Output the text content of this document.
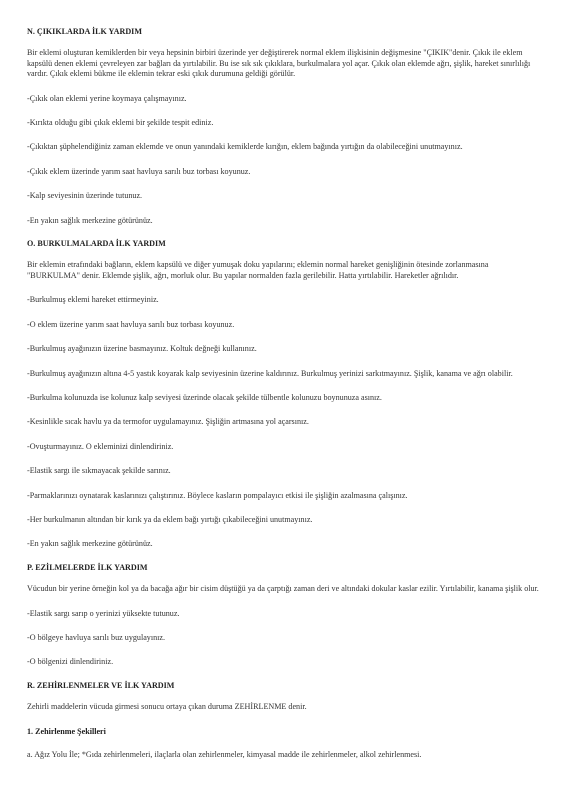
N. ÇIKIKLARDA İLK YARDIM

Bir eklemi oluşturan kemiklerden bir veya hepsinin birbiri üzerinde yer değiştirerek normal eklem ilişkisinin değişmesine "ÇIKIK"denir. Çıkık ile eklem kapsülü denen eklemi çevreleyen zar bağları da yırtılabilir. Bu ise sık sık çıkıklara, burkulmalara yol açar. Çıkık olan eklemde ağrı, şişlik, hareket sınırlılığı vardır. Çıkık eklemi bükme ile eklemin tekrar eski çıkık durumuna geldiği görülür.

-Çıkık olan eklemi yerine koymaya çalışmayınız.

-Kırıkta olduğu gibi çıkık eklemi bir şekilde tespit ediniz.

-Çıkıktan şüphelendiğiniz zaman eklemde ve onun yanındaki kemiklerde kırığın, eklem bağında yırtığın da olabileceğini unutmayınız.

-Çıkık eklem üzerinde yarım saat havluya sarılı buz torbası koyunuz.

-Kalp seviyesinin üzerinde tutunuz.

-En yakın sağlık merkezine götürünüz.

O. BURKULMALARDA İLK YARDIM

Bir eklemin etrafındaki bağların, eklem kapsülü ve diğer yumuşak doku yapılarını; eklemin normal hareket genişliğinin ötesinde zorlanmasına "BURKULMA" denir. Eklemde şişlik, ağrı, morluk olur. Bu yapılar normalden fazla gerilebilir. Hatta yırtılabilir. Hareketler ağrılıdır.

-Burkulmuş eklemi hareket ettirmeyiniz.

-O eklem üzerine yarım saat havluya sarılı buz torbası koyunuz.

-Burkulmuş ayağınızın üzerine basmayınız. Koltuk değneği kullanınız.

-Burkulmuş ayağınızın altına 4-5 yastık koyarak kalp seviyesinin üzerine kaldırınız. Burkulmuş yerinizi sarkıtmayınız. Şişlik, kanama ve ağrı olabilir.

-Burkulma kolunuzda ise kolunuz kalp seviyesi üzerinde olacak şekilde tülbentle kolunuzu boynunuza asınız.

-Kesinlikle sıcak havlu ya da termofor uygulamayınız. Şişliğin artmasına yol açarsınız.

-Ovuşturmayınız. O ekleminizi dinlendiriniz.

-Elastik sargı ile sıkmayacak şekilde sarınız.

-Parmaklarınızı oynatarak kaslarınızı çalıştırınız. Böylece kasların pompalayıcı etkisi ile şişliğin azalmasına çalışınız.

-Her burkulmanın altından bir kırık ya da eklem bağı yırtığı çıkabileceğini unutmayınız.

-En yakın sağlık merkezine götürünüz.

P. EZİLMELERDE İLK YARDIM

Vücudun bir yerine örneğin kol ya da bacağa ağır bir cisim düştüğü ya da çarptığı zaman deri ve altındaki dokular kaslar ezilir. Yırtılabilir, kanama şişlik olur.

-Elastik sargı sarıp o yerinizi yüksekte tutunuz.

-O bölgeye havluya sarılı buz uygulayınız.

-O bölgenizi dinlendiriniz.

R. ZEHİRLENMELER VE İLK YARDIM

Zehirli maddelerin vücuda girmesi sonucu ortaya çıkan duruma ZEHİRLENME denir.

1. Zehirlenme Şekilleri

a. Ağız Yolu İle; *Gıda zehirlenmeleri, ilaçlarla olan zehirlenmeler, kimyasal madde ile zehirlenmeler, alkol zehirlenmesi.
